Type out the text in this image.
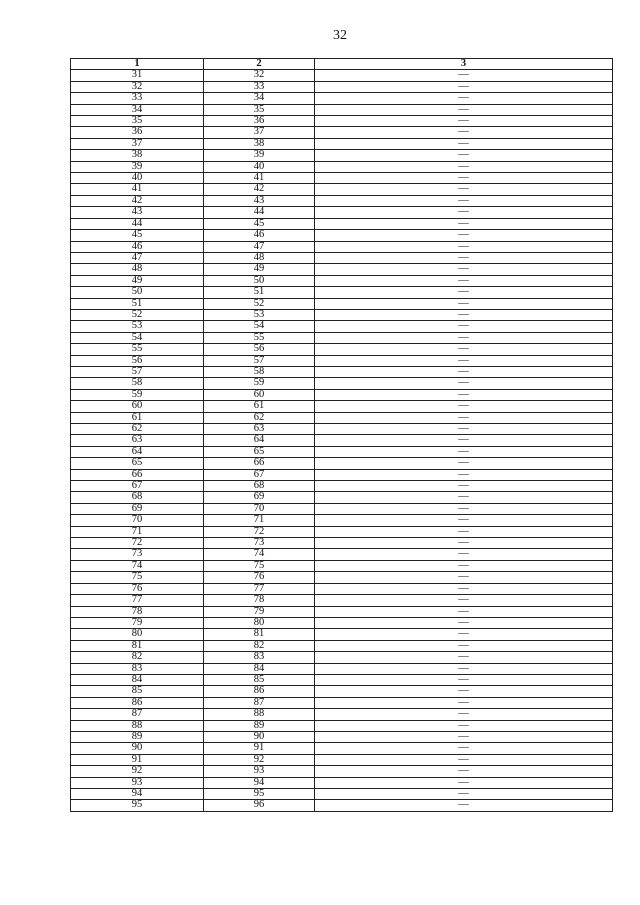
32
1	2	3
31	32	—
32	33	—
33	34	—
34	35	—
35	36	—
36	37	—
37	38	—
38	39	—
39	40	—
40	41	—
41	42	—
42	43	—
43	44	—
44	45	—
45	46	—
46	47	—
47	48	—
48	49	—
49	50	—
50	51	—
51	52	—
52	53	—
53	54	—
54	55	—
55	56	—
56	57	—
57	58	—
58	59	—
59	60	—
60	61	—
61	62	—
62	63	—
63	64	—
64	65	—
65	66	—
66	67	—
67	68	—
68	69	—
69	70	—
70	71	—
71	72	—
72	73	—
73	74	—
74	75	—
75	76	—
76	77	—
77	78	—
78	79	—
79	80	—
80	81	—
81	82	—
82	83	—
83	84	—
84	85	—
85	86	—
86	87	—
87	88	—
88	89	—
89	90	—
90	91	—
91	92	—
92	93	—
93	94	—
94	95	—
95	96	—
